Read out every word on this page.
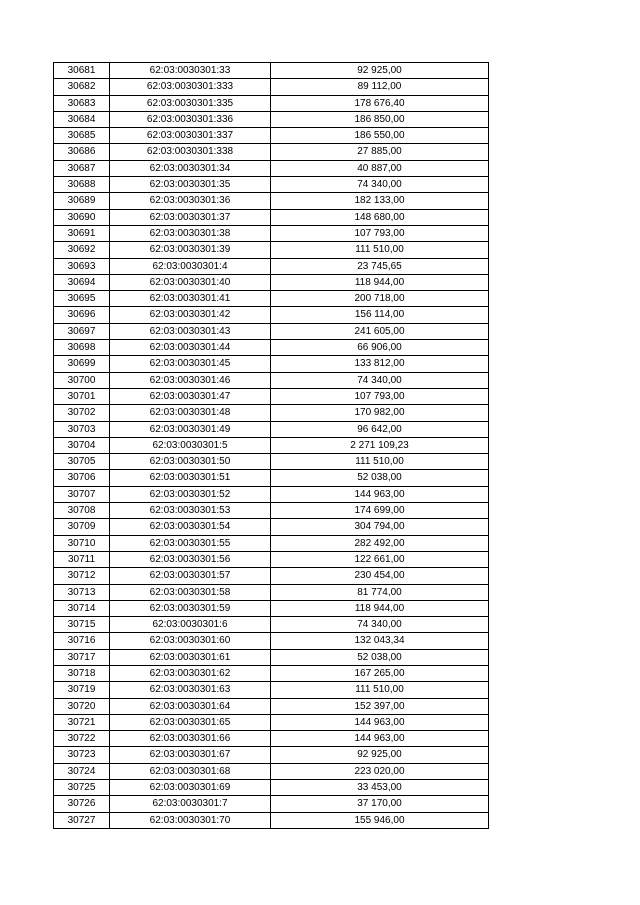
30681	62:03:0030301:33	92 925,00
30682	62:03:0030301:333	89 112,00
30683	62:03:0030301:335	178 676,40
30684	62:03:0030301:336	186 850,00
30685	62:03:0030301:337	186 550,00
30686	62:03:0030301:338	27 885,00
30687	62:03:0030301:34	40 887,00
30688	62:03:0030301:35	74 340,00
30689	62:03:0030301:36	182 133,00
30690	62:03:0030301:37	148 680,00
30691	62:03:0030301:38	107 793,00
30692	62:03:0030301:39	111 510,00
30693	62:03:0030301:4	23 745,65
30694	62:03:0030301:40	118 944,00
30695	62:03:0030301:41	200 718,00
30696	62:03:0030301:42	156 114,00
30697	62:03:0030301:43	241 605,00
30698	62:03:0030301:44	66 906,00
30699	62:03:0030301:45	133 812,00
30700	62:03:0030301:46	74 340,00
30701	62:03:0030301:47	107 793,00
30702	62:03:0030301:48	170 982,00
30703	62:03:0030301:49	96 642,00
30704	62:03:0030301:5	2 271 109,23
30705	62:03:0030301:50	111 510,00
30706	62:03:0030301:51	52 038,00
30707	62:03:0030301:52	144 963,00
30708	62:03:0030301:53	174 699,00
30709	62:03:0030301:54	304 794,00
30710	62:03:0030301:55	282 492,00
30711	62:03:0030301:56	122 661,00
30712	62:03:0030301:57	230 454,00
30713	62:03:0030301:58	81 774,00
30714	62:03:0030301:59	118 944,00
30715	62:03:0030301:6	74 340,00
30716	62:03:0030301:60	132 043,34
30717	62:03:0030301:61	52 038,00
30718	62:03:0030301:62	167 265,00
30719	62:03:0030301:63	111 510,00
30720	62:03:0030301:64	152 397,00
30721	62:03:0030301:65	144 963,00
30722	62:03:0030301:66	144 963,00
30723	62:03:0030301:67	92 925,00
30724	62:03:0030301:68	223 020,00
30725	62:03:0030301:69	33 453,00
30726	62:03:0030301:7	37 170,00
30727	62:03:0030301:70	155 946,00
